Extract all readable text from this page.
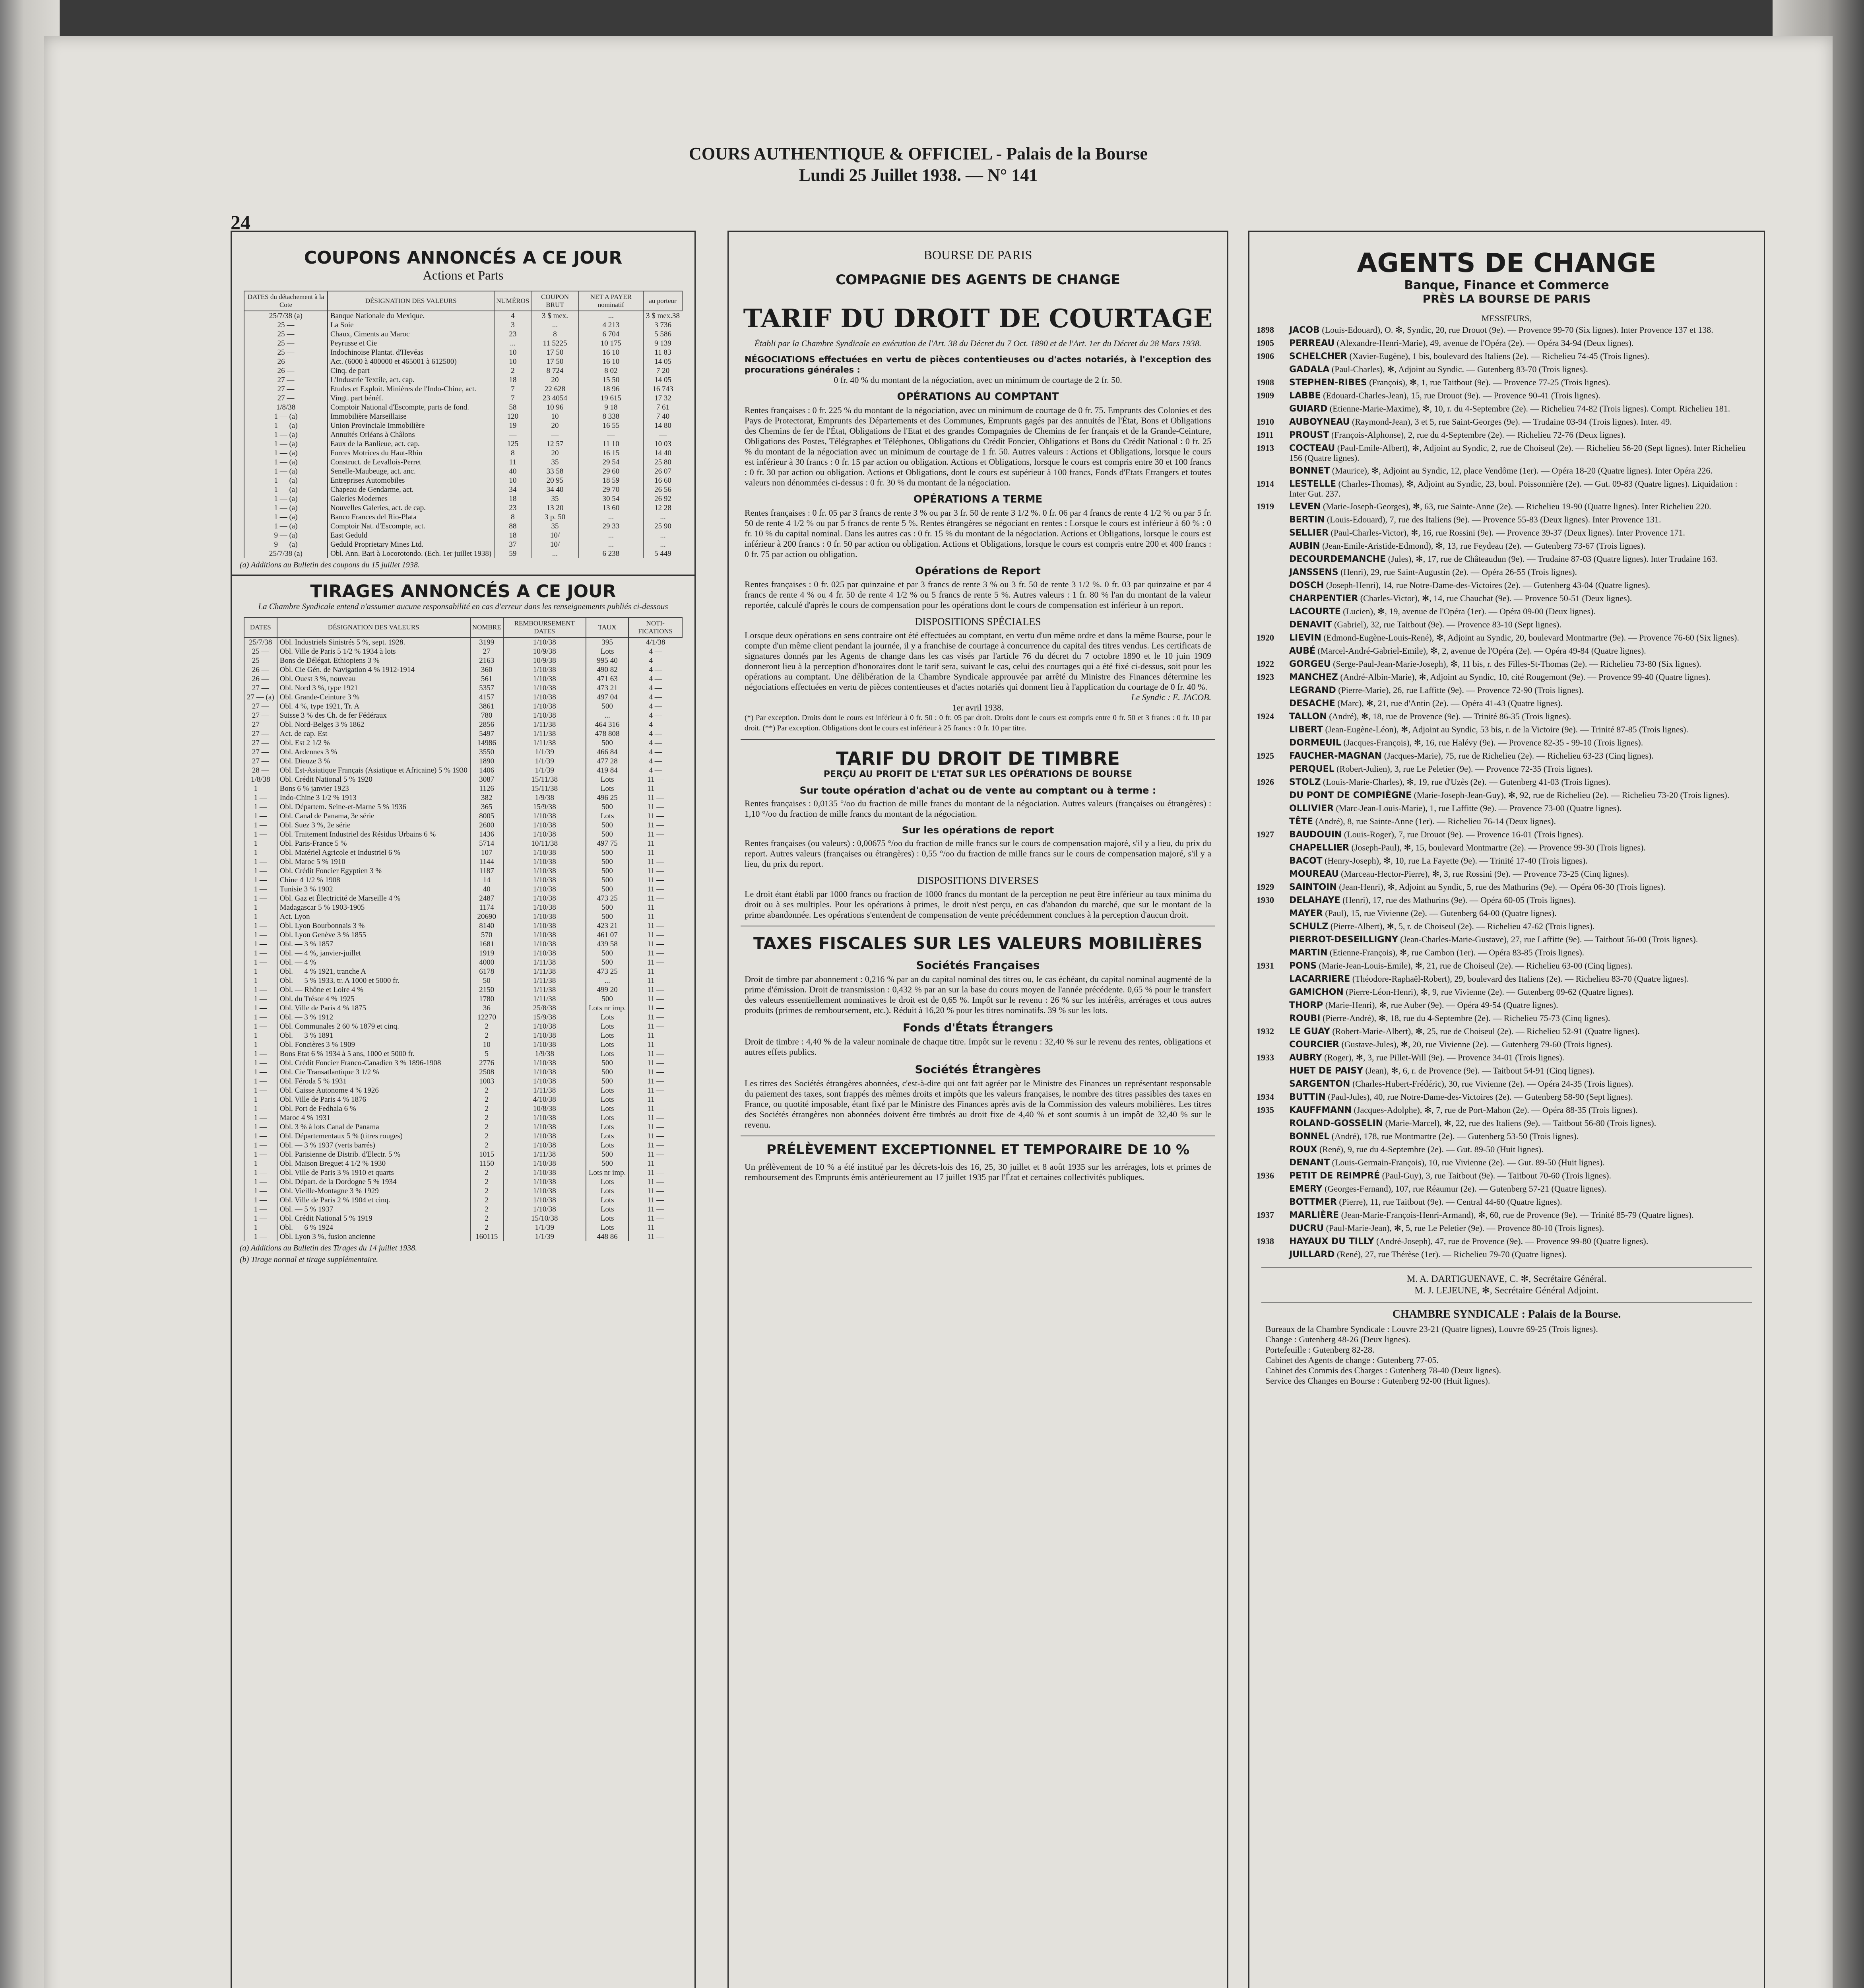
COURS AUTHENTIQUE & OFFICIEL - Palais de la Bourse
Lundi 25 Juillet 1938. — N° 141
24
COUPONS ANNONCÉS A CE JOUR
Actions et Parts
DATES du détachement à la Cote	DÉSIGNATION DES VALEURS	NUMÉROS	COUPON BRUT	NET A PAYER nominatif	au porteur
25/7/38 (a)	Banque Nationale du Mexique.	4	3 $ mex.	...	3 $ mex.38
25 —	La Soie	3	...	4 213	3 736
25 —	Chaux, Ciments au Maroc	23	8	6 704	5 586
25 —	Peyrusse et Cie	...	11 5225	10 175	9 139
25 —	Indochinoise Plantat. d'Hevéas	10	17 50	16 10	11 83
26 —	Act. (6000 à 400000 et 465001 à 612500)	10	17 50	16 10	14 05
26 —	Cinq. de part	2	8 724	8 02	7 20
27 —	L'Industrie Textile, act. cap.	18	20	15 50	14 05
27 —	Etudes et Exploit. Minières de l'Indo-Chine, act.	7	22 628	18 96	16 743
27 —	Vingt. part bénéf.	7	23 4054	19 615	17 32
1/8/38	Comptoir National d'Escompte, parts de fond.	58	10 96	9 18	7 61
1 — (a)	Immobilière Marseillaise	120	10	8 338	7 40
1 — (a)	Union Provinciale Immobilière	19	20	16 55	14 80
1 — (a)	Annuités Orléans à Châlons	—	—	—	—
1 — (a)	Eaux de la Banlieue, act. cap.	125	12 57	11 10	10 03
1 — (a)	Forces Motrices du Haut-Rhin	8	20	16 15	14 40
1 — (a)	Construct. de Levallois-Perret	11	35	29 54	25 80
1 — (a)	Senelle-Maubeuge, act. anc.	40	33 58	29 60	26 07
1 — (a)	Entreprises Automobiles	10	20 95	18 59	16 60
1 — (a)	Chapeau de Gendarme, act.	34	34 40	29 70	26 56
1 — (a)	Galeries Modernes	18	35	30 54	26 92
1 — (a)	Nouvelles Galeries, act. de cap.	23	13 20	13 60	12 28
1 — (a)	Banco Frances del Rio-Plata	8	3 p. 50	...	...
1 — (a)	Comptoir Nat. d'Escompte, act.	88	35	29 33	25 90
9 — (a)	East Geduld	18	10/	...	...
9 — (a)	Geduld Proprietary Mines Ltd.	37	10/	...	...
25/7/38 (a)	Obl. Ann. Bari à Locorotondo. (Ech. 1er juillet 1938)	59	...	6 238	5 449
(a) Additions au Bulletin des coupons du 15 juillet 1938.
TIRAGES ANNONCÉS A CE JOUR
La Chambre Syndicale entend n'assumer aucune responsabilité en cas d'erreur dans les renseignements publiés ci-dessous
DATES	DÉSIGNATION DES VALEURS	NOMBRE	REMBOURSEMENT DATES	TAUX	NOTI-FICATIONS
25/7/38	Obl. Industriels Sinistrés 5 %, sept. 1928.	3199	1/10/38	395	4/1/38
25 —	Obl. Ville de Paris 5 1/2 % 1934 à lots	27	10/9/38	Lots	4 —
25 —	Bons de Délégat. Ethiopiens 3 %	2163	10/9/38	995 40	4 —
26 —	Obl. Cie Gén. de Navigation 4 % 1912-1914	360	1/10/38	490 82	4 —
26 —	Obl. Ouest 3 %, nouveau	561	1/10/38	471 63	4 —
27 —	Obl. Nord 3 %, type 1921	5357	1/10/38	473 21	4 —
27 — (a)	Obl. Grande-Ceinture 3 %	4157	1/10/38	497 04	4 —
27 —	Obl. 4 %, type 1921, Tr. A	3861	1/10/38	500	4 —
27 —	Suisse 3 % des Ch. de fer Fédéraux	780	1/10/38	...	4 —
27 —	Obl. Nord-Belges 3 % 1862	2856	1/11/38	464 316	4 —
27 —	Act. de cap. Est	5497	1/11/38	478 808	4 —
27 —	Obl. Est 2 1/2 %	14986	1/11/38	500	4 —
27 —	Obl. Ardennes 3 %	3550	1/1/39	466 84	4 —
27 —	Obl. Dieuze 3 %	1890	1/1/39	477 28	4 —
28 —	Obl. Est-Asiatique Français (Asiatique et Africaine) 5 % 1930	1406	1/1/39	419 84	4 —
1/8/38	Obl. Crédit National 5 % 1920	3087	15/11/38	Lots	11 —
1 —	Bons 6 % janvier 1923	1126	15/11/38	Lots	11 —
1 —	Indo-Chine 3 1/2 % 1913	382	1/9/38	496 25	11 —
1 —	Obl. Départem. Seine-et-Marne 5 % 1936	365	15/9/38	500	11 —
1 —	Obl. Canal de Panama, 3e série	8005	1/10/38	Lots	11 —
1 —	Obl. Suez 3 %, 2e série	2600	1/10/38	500	11 —
1 —	Obl. Traitement Industriel des Résidus Urbains 6 %	1436	1/10/38	500	11 —
1 —	Obl. Paris-France 5 %	5714	10/11/38	497 75	11 —
1 —	Obl. Matériel Agricole et Industriel 6 %	107	1/10/38	500	11 —
1 —	Obl. Maroc 5 % 1910	1144	1/10/38	500	11 —
1 —	Obl. Crédit Foncier Egyptien 3 %	1187	1/10/38	500	11 —
1 —	Chine 4 1/2 % 1908	14	1/10/38	500	11 —
1 —	Tunisie 3 % 1902	40	1/10/38	500	11 —
1 —	Obl. Gaz et Électricité de Marseille 4 %	2487	1/10/38	473 25	11 —
1 —	Madagascar 5 % 1903-1905	1174	1/10/38	500	11 —
1 —	Act. Lyon	20690	1/10/38	500	11 —
1 —	Obl. Lyon Bourbonnais 3 %	8140	1/10/38	423 21	11 —
1 —	Obl. Lyon Genève 3 % 1855	570	1/10/38	461 07	11 —
1 —	Obl. — 3 % 1857	1681	1/10/38	439 58	11 —
1 —	Obl. — 4 %, janvier-juillet	1919	1/10/38	500	11 —
1 —	Obl. — 4 %	4000	1/11/38	500	11 —
1 —	Obl. — 4 % 1921, tranche A	6178	1/11/38	473 25	11 —
1 —	Obl. — 5 % 1933, tr. A 1000 et 5000 fr.	50	1/11/38	...	11 —
1 —	Obl. — Rhône et Loire 4 %	2150	1/11/38	499 20	11 —
1 —	Obl. du Trésor 4 % 1925	1780	1/11/38	500	11 —
1 —	Obl. Ville de Paris 4 % 1875	36	25/8/38	Lots nr imp.	11 —
1 —	Obl. — 3 % 1912	12270	15/9/38	Lots	11 —
1 —	Obl. Communales 2 60 % 1879 et cinq.	2	1/10/38	Lots	11 —
1 —	Obl. — 3 % 1891	2	1/10/38	Lots	11 —
1 —	Obl. Foncières 3 % 1909	10	1/10/38	Lots	11 —
1 —	Bons Etat 6 % 1934 à 5 ans, 1000 et 5000 fr.	5	1/9/38	Lots	11 —
1 —	Obl. Crédit Foncier Franco-Canadien 3 % 1896-1908	2776	1/10/38	500	11 —
1 —	Obl. Cie Transatlantique 3 1/2 %	2508	1/10/38	500	11 —
1 —	Obl. Féroda 5 % 1931	1003	1/10/38	500	11 —
1 —	Obl. Caisse Autonome 4 % 1926	2	1/11/38	Lots	11 —
1 —	Obl. Ville de Paris 4 % 1876	2	4/10/38	Lots	11 —
1 —	Obl. Port de Fedhala 6 %	2	10/8/38	Lots	11 —
1 —	Maroc 4 % 1931	2	1/10/38	Lots	11 —
1 —	Obl. 3 % à lots Canal de Panama	2	1/10/38	Lots	11 —
1 —	Obl. Départementaux 5 % (titres rouges)	2	1/10/38	Lots	11 —
1 —	Obl. — 3 % 1937 (verts barrés)	2	1/10/38	Lots	11 —
1 —	Obl. Parisienne de Distrib. d'Electr. 5 %	1015	1/11/38	500	11 —
1 —	Obl. Maison Breguet 4 1/2 % 1930	1150	1/10/38	500	11 —
1 —	Obl. Ville de Paris 3 % 1910 et quarts	2	1/10/38	Lots nr imp.	11 —
1 —	Obl. Départ. de la Dordogne 5 % 1934	2	1/10/38	Lots	11 —
1 —	Obl. Vieille-Montagne 3 % 1929	2	1/10/38	Lots	11 —
1 —	Obl. Ville de Paris 2 % 1904 et cinq.	2	1/10/38	Lots	11 —
1 —	Obl. — 5 % 1937	2	1/10/38	Lots	11 —
1 —	Obl. Crédit National 5 % 1919	2	15/10/38	Lots	11 —
1 —	Obl. — 6 % 1924	2	1/1/39	Lots	11 —
1 —	Obl. Lyon 3 %, fusion ancienne	160115	1/1/39	448 86	11 —
(a) Additions au Bulletin des Tirages du 14 juillet 1938.
(b) Tirage normal et tirage supplémentaire.
BOURSE DE PARIS
COMPAGNIE DES AGENTS DE CHANGE
TARIF DU DROIT DE COURTAGE
Établi par la Chambre Syndicale en exécution de l'Art. 38 du Décret du 7 Oct. 1890 et de l'Art. 1er du Décret du 28 Mars 1938.
NÉGOCIATIONS effectuées en vertu de pièces contentieuses ou d'actes notariés, à l'exception des procurations générales :
0 fr. 40 % du montant de la négociation, avec un minimum de courtage de 2 fr. 50.
OPÉRATIONS AU COMPTANT
Rentes françaises : 0 fr. 225 % du montant de la négociation, avec un minimum de courtage de 0 fr. 75. Emprunts des Colonies et des Pays de Protectorat, Emprunts des Départements et des Communes, Emprunts gagés par des annuités de l'État, Bons et Obligations des Chemins de fer de l'État, Obligations de l'Etat et des grandes Compagnies de Chemins de fer français et de la Grande-Ceinture, Obligations des Postes, Télégraphes et Téléphones, Obligations du Crédit Foncier, Obligations et Bons du Crédit National : 0 fr. 25 % du montant de la négociation avec un minimum de courtage de 1 fr. 50. Autres valeurs : Actions et Obligations, lorsque le cours est inférieur à 30 francs : 0 fr. 15 par action ou obligation. Actions et Obligations, lorsque le cours est compris entre 30 et 100 francs : 0 fr. 30 par action ou obligation. Actions et Obligations, dont le cours est supérieur à 100 francs, Fonds d'Etats Etrangers et toutes valeurs non dénommées ci-dessus : 0 fr. 30 % du montant de la négociation.
OPÉRATIONS A TERME
Rentes françaises : 0 fr. 05 par 3 francs de rente 3 % ou par 3 fr. 50 de rente 3 1/2 %. 0 fr. 06 par 4 francs de rente 4 1/2 % ou par 5 fr. 50 de rente 4 1/2 % ou par 5 francs de rente 5 %. Rentes étrangères se négociant en rentes : Lorsque le cours est inférieur à 60 % : 0 fr. 10 % du capital nominal. Dans les autres cas : 0 fr. 15 % du montant de la négociation. Actions et Obligations, lorsque le cours est inférieur à 200 francs : 0 fr. 50 par action ou obligation. Actions et Obligations, lorsque le cours est compris entre 200 et 400 francs : 0 fr. 75 par action ou obligation.
Opérations de Report
Rentes françaises : 0 fr. 025 par quinzaine et par 3 francs de rente 3 % ou 3 fr. 50 de rente 3 1/2 %. 0 fr. 03 par quinzaine et par 4 francs de rente 4 % ou 4 fr. 50 de rente 4 1/2 % ou 5 francs de rente 5 %. Autres valeurs : 1 fr. 80 % l'an du montant de la valeur reportée, calculé d'après le cours de compensation pour les opérations dont le cours de compensation est inférieur à un report.
DISPOSITIONS SPÉCIALES
Lorsque deux opérations en sens contraire ont été effectuées au comptant, en vertu d'un même ordre et dans la même Bourse, pour le compte d'un même client pendant la journée, il y a franchise de courtage à concurrence du capital des titres vendus. Les certificats de signatures donnés par les Agents de change dans les cas visés par l'article 76 du décret du 7 octobre 1890 et le 10 juin 1909 donneront lieu à la perception d'honoraires dont le tarif sera, suivant le cas, celui des courtages qui a été fixé ci-dessus, soit pour les opérations au comptant. Une délibération de la Chambre Syndicale approuvée par arrêté du Ministre des Finances détermine les négociations effectuées en vertu de pièces contentieuses et d'actes notariés qui donnent lieu à l'application du courtage de 0 fr. 40 %.
Le Syndic : E. JACOB.
1er avril 1938.
(*) Par exception. Droits dont le cours est inférieur à 0 fr. 50 : 0 fr. 05 par droit. Droits dont le cours est compris entre 0 fr. 50 et 3 francs : 0 fr. 10 par droit. (**) Par exception. Obligations dont le cours est inférieur à 25 francs : 0 fr. 10 par titre.
TARIF DU DROIT DE TIMBRE
PERÇU AU PROFIT DE L'ETAT SUR LES OPÉRATIONS DE BOURSE
Sur toute opération d'achat ou de vente au comptant ou à terme :
Rentes françaises : 0,0135 °/oo du fraction de mille francs du montant de la négociation. Autres valeurs (françaises ou étrangères) : 1,10 °/oo du fraction de mille francs du montant de la négociation.
Sur les opérations de report
Rentes françaises (ou valeurs) : 0,00675 °/oo du fraction de mille francs sur le cours de compensation majoré, s'il y a lieu, du prix du report. Autres valeurs (françaises ou étrangères) : 0,55 °/oo du fraction de mille francs sur le cours de compensation majoré, s'il y a lieu, du prix du report.
DISPOSITIONS DIVERSES
Le droit étant établi par 1000 francs ou fraction de 1000 francs du montant de la perception ne peut être inférieur au taux minima du droit ou à ses multiples. Pour les opérations à primes, le droit n'est perçu, en cas d'abandon du marché, que sur le montant de la prime abandonnée. Les opérations s'entendent de compensation de vente précédemment conclues à la perception d'aucun droit.
TAXES FISCALES SUR LES VALEURS MOBILIÈRES
Sociétés Françaises
Droit de timbre par abonnement : 0,216 % par an du capital nominal des titres ou, le cas échéant, du capital nominal augmenté de la prime d'émission. Droit de transmission : 0,432 % par an sur la base du cours moyen de l'année précédente. 0,65 % pour le transfert des valeurs essentiellement nominatives le droit est de 0,65 %. Impôt sur le revenu : 26 % sur les intérêts, arrérages et tous autres produits (primes de remboursement, etc.). Réduit à 16,20 % pour les titres nominatifs. 39 % sur les lots.
Fonds d'États Étrangers
Droit de timbre : 4,40 % de la valeur nominale de chaque titre. Impôt sur le revenu : 32,40 % sur le revenu des rentes, obligations et autres effets publics.
Sociétés Étrangères
Les titres des Sociétés étrangères abonnées, c'est-à-dire qui ont fait agréer par le Ministre des Finances un représentant responsable du paiement des taxes, sont frappés des mêmes droits et impôts que les valeurs françaises, le nombre des titres passibles des taxes en France, ou quotité imposable, étant fixé par le Ministre des Finances après avis de la Commission des valeurs mobilières. Les titres des Sociétés étrangères non abonnées doivent être timbrés au droit fixe de 4,40 % et sont soumis à un impôt de 32,40 % sur le revenu.
PRÉLÈVEMENT EXCEPTIONNEL ET TEMPORAIRE DE 10 %
Un prélèvement de 10 % a été institué par les décrets-lois des 16, 25, 30 juillet et 8 août 1935 sur les arrérages, lots et primes de remboursement des Emprunts émis antérieurement au 17 juillet 1935 par l'État et certaines collectivités publiques.
AGENTS DE CHANGE
Banque, Finance et Commerce
PRÈS LA BOURSE DE PARIS
MESSIEURS,
1898 JACOB (Louis-Edouard), O. ✻, Syndic, 20, rue Drouot (9e). — Provence 99-70 (Six lignes). Inter Provence 137 et 138.
1905 PERREAU (Alexandre-Henri-Marie), 49, avenue de l'Opéra (2e). — Opéra 34-94 (Deux lignes).
1906 SCHELCHER (Xavier-Eugène), 1 bis, boulevard des Italiens (2e). — Richelieu 74-45 (Trois lignes).
GADALA (Paul-Charles), ✻, Adjoint au Syndic. — Gutenberg 83-70 (Trois lignes).
1908 STEPHEN-RIBES (François), ✻, 1, rue Taitbout (9e). — Provence 77-25 (Trois lignes).
1909 LABBE (Edouard-Charles-Jean), 15, rue Drouot (9e). — Provence 90-41 (Trois lignes).
GUIARD (Etienne-Marie-Maxime), ✻, 10, r. du 4-Septembre (2e). — Richelieu 74-82 (Trois lignes). Compt. Richelieu 181.
1910 AUBOYNEAU (Raymond-Jean), 3 et 5, rue Saint-Georges (9e). — Trudaine 03-94 (Trois lignes). Inter. 49.
1911 PROUST (François-Alphonse), 2, rue du 4-Septembre (2e). — Richelieu 72-76 (Deux lignes).
1913 COCTEAU (Paul-Emile-Albert), ✻, Adjoint au Syndic, 2, rue de Choiseul (2e). — Richelieu 56-20 (Sept lignes). Inter Richelieu 156 (Quatre lignes).
BONNET (Maurice), ✻, Adjoint au Syndic, 12, place Vendôme (1er). — Opéra 18-20 (Quatre lignes). Inter Opéra 226.
1914 LESTELLE (Charles-Thomas), ✻, Adjoint au Syndic, 23, boul. Poissonnière (2e). — Gut. 09-83 (Quatre lignes). Liquidation : Inter Gut. 237.
1919 LEVEN (Marie-Joseph-Georges), ✻, 63, rue Sainte-Anne (2e). — Richelieu 19-90 (Quatre lignes). Inter Richelieu 220.
BERTIN (Louis-Edouard), 7, rue des Italiens (9e). — Provence 55-83 (Deux lignes). Inter Provence 131.
SELLIER (Paul-Charles-Victor), ✻, 16, rue Rossini (9e). — Provence 39-37 (Deux lignes). Inter Provence 171.
AUBIN (Jean-Emile-Aristide-Edmond), ✻, 13, rue Feydeau (2e). — Gutenberg 73-67 (Trois lignes).
DECOURDEMANCHE (Jules), ✻, 17, rue de Châteaudun (9e). — Trudaine 87-03 (Quatre lignes). Inter Trudaine 163.
JANSSENS (Henri), 29, rue Saint-Augustin (2e). — Opéra 26-55 (Trois lignes).
DOSCH (Joseph-Henri), 14, rue Notre-Dame-des-Victoires (2e). — Gutenberg 43-04 (Quatre lignes).
CHARPENTIER (Charles-Victor), ✻, 14, rue Chauchat (9e). — Provence 50-51 (Deux lignes).
LACOURTE (Lucien), ✻, 19, avenue de l'Opéra (1er). — Opéra 09-00 (Deux lignes).
DENAVIT (Gabriel), 32, rue Taitbout (9e). — Provence 83-10 (Sept lignes).
1920 LIEVIN (Edmond-Eugène-Louis-René), ✻, Adjoint au Syndic, 20, boulevard Montmartre (9e). — Provence 76-60 (Six lignes).
AUBÉ (Marcel-André-Gabriel-Emile), ✻, 2, avenue de l'Opéra (2e). — Opéra 49-84 (Quatre lignes).
1922 GORGEU (Serge-Paul-Jean-Marie-Joseph), ✻, 11 bis, r. des Filles-St-Thomas (2e). — Richelieu 73-80 (Six lignes).
1923 MANCHEZ (André-Albin-Marie), ✻, Adjoint au Syndic, 10, cité Rougemont (9e). — Provence 99-40 (Quatre lignes).
LEGRAND (Pierre-Marie), 26, rue Laffitte (9e). — Provence 72-90 (Trois lignes).
DESACHE (Marc), ✻, 21, rue d'Antin (2e). — Opéra 41-43 (Quatre lignes).
1924 TALLON (André), ✻, 18, rue de Provence (9e). — Trinité 86-35 (Trois lignes).
LIBERT (Jean-Eugène-Léon), ✻, Adjoint au Syndic, 53 bis, r. de la Victoire (9e). — Trinité 87-85 (Trois lignes).
DORMEUIL (Jacques-François), ✻, 16, rue Halévy (9e). — Provence 82-35 - 99-10 (Trois lignes).
1925 FAUCHER-MAGNAN (Jacques-Marie), 75, rue de Richelieu (2e). — Richelieu 63-23 (Cinq lignes).
PERQUEL (Robert-Julien), 3, rue Le Peletier (9e). — Provence 72-35 (Trois lignes).
1926 STOLZ (Louis-Marie-Charles), ✻, 19, rue d'Uzès (2e). — Gutenberg 41-03 (Trois lignes).
DU PONT DE COMPIÈGNE (Marie-Joseph-Jean-Guy), ✻, 92, rue de Richelieu (2e). — Richelieu 73-20 (Trois lignes).
OLLIVIER (Marc-Jean-Louis-Marie), 1, rue Laffitte (9e). — Provence 73-00 (Quatre lignes).
TÊTE (André), 8, rue Sainte-Anne (1er). — Richelieu 76-14 (Deux lignes).
1927 BAUDOUIN (Louis-Roger), 7, rue Drouot (9e). — Provence 16-01 (Trois lignes).
CHAPELLIER (Joseph-Paul), ✻, 15, boulevard Montmartre (2e). — Provence 99-30 (Trois lignes).
BACOT (Henry-Joseph), ✻, 10, rue La Fayette (9e). — Trinité 17-40 (Trois lignes).
MOUREAU (Marceau-Hector-Pierre), ✻, 3, rue Rossini (9e). — Provence 73-25 (Cinq lignes).
1929 SAINTOIN (Jean-Henri), ✻, Adjoint au Syndic, 5, rue des Mathurins (9e). — Opéra 06-30 (Trois lignes).
1930 DELAHAYE (Henri), 17, rue des Mathurins (9e). — Opéra 60-05 (Trois lignes).
MAYER (Paul), 15, rue Vivienne (2e). — Gutenberg 64-00 (Quatre lignes).
SCHULZ (Pierre-Albert), ✻, 5, r. de Choiseul (2e). — Richelieu 47-62 (Trois lignes).
PIERROT-DESEILLIGNY (Jean-Charles-Marie-Gustave), 27, rue Laffitte (9e). — Taitbout 56-00 (Trois lignes).
MARTIN (Etienne-François), ✻, rue Cambon (1er). — Opéra 83-85 (Trois lignes).
1931 PONS (Marie-Jean-Louis-Emile), ✻, 21, rue de Choiseul (2e). — Richelieu 63-00 (Cinq lignes).
LACARRIERE (Théodore-Raphaël-Robert), 29, boulevard des Italiens (2e). — Richelieu 83-70 (Quatre lignes).
GAMICHON (Pierre-Léon-Henri), ✻, 9, rue Vivienne (2e). — Gutenberg 09-62 (Quatre lignes).
THORP (Marie-Henri), ✻, rue Auber (9e). — Opéra 49-54 (Quatre lignes).
ROUBI (Pierre-André), ✻, 18, rue du 4-Septembre (2e). — Richelieu 75-73 (Cinq lignes).
1932 LE GUAY (Robert-Marie-Albert), ✻, 25, rue de Choiseul (2e). — Richelieu 52-91 (Quatre lignes).
COURCIER (Gustave-Jules), ✻, 20, rue Vivienne (2e). — Gutenberg 79-60 (Trois lignes).
1933 AUBRY (Roger), ✻, 3, rue Pillet-Will (9e). — Provence 34-01 (Trois lignes).
HUET DE PAISY (Jean), ✻, 6, r. de Provence (9e). — Taitbout 54-91 (Cinq lignes).
SARGENTON (Charles-Hubert-Frédéric), 30, rue Vivienne (2e). — Opéra 24-35 (Trois lignes).
1934 BUTTIN (Paul-Jules), 40, rue Notre-Dame-des-Victoires (2e). — Gutenberg 58-90 (Sept lignes).
1935 KAUFFMANN (Jacques-Adolphe), ✻, 7, rue de Port-Mahon (2e). — Opéra 88-35 (Trois lignes).
ROLAND-GOSSELIN (Marie-Marcel), ✻, 22, rue des Italiens (9e). — Taitbout 56-80 (Trois lignes).
BONNEL (André), 178, rue Montmartre (2e). — Gutenberg 53-50 (Trois lignes).
ROUX (René), 9, rue du 4-Septembre (2e). — Gut. 89-50 (Huit lignes).
DENANT (Louis-Germain-François), 10, rue Vivienne (2e). — Gut. 89-50 (Huit lignes).
1936 PETIT DE REIMPRÉ (Paul-Guy), 3, rue Taitbout (9e). — Taitbout 70-60 (Trois lignes).
EMERY (Georges-Fernand), 107, rue Réaumur (2e). — Gutenberg 57-21 (Quatre lignes).
BOTTMER (Pierre), 11, rue Taitbout (9e). — Central 44-60 (Quatre lignes).
1937 MARLIÈRE (Jean-Marie-François-Henri-Armand), ✻, 60, rue de Provence (9e). — Trinité 85-79 (Quatre lignes).
DUCRU (Paul-Marie-Jean), ✻, 5, rue Le Peletier (9e). — Provence 80-10 (Trois lignes).
1938 HAYAUX DU TILLY (André-Joseph), 47, rue de Provence (9e). — Provence 99-80 (Quatre lignes).
JUILLARD (René), 27, rue Thérèse (1er). — Richelieu 79-70 (Quatre lignes).
M. A. DARTIGUENAVE, C. ✻, Secrétaire Général.
M. J. LEJEUNE, ✻, Secrétaire Général Adjoint.
CHAMBRE SYNDICALE : Palais de la Bourse.
Bureaux de la Chambre Syndicale : Louvre 23-21 (Quatre lignes), Louvre 69-25 (Trois lignes).
Change : Gutenberg 48-26 (Deux lignes).
Portefeuille : Gutenberg 82-28.
Cabinet des Agents de change : Gutenberg 77-05.
Cabinet des Commis des Charges : Gutenberg 78-40 (Deux lignes).
Service des Changes en Bourse : Gutenberg 92-00 (Huit lignes).
